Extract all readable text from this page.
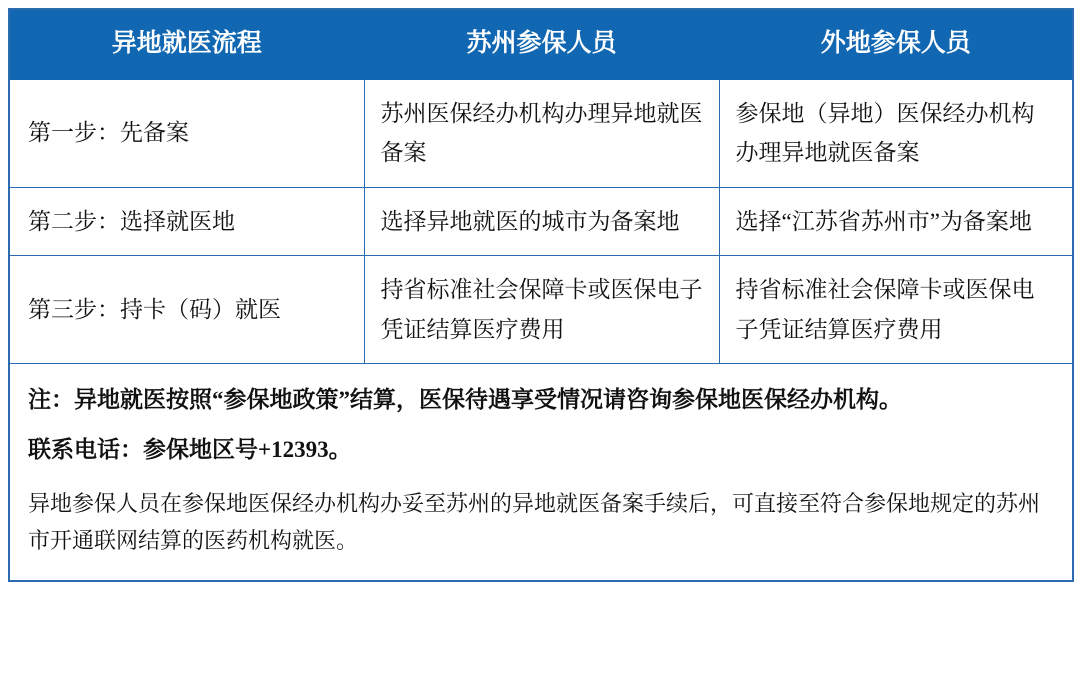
异地就医流程	苏州参保人员	外地参保人员
第一步：先备案	苏州医保经办机构办理异地就医备案	参保地（异地）医保经办机构办理异地就医备案
第二步：选择就医地	选择异地就医的城市为备案地	选择“江苏省苏州市”为备案地
第三步：持卡（码）就医	持省标准社会保障卡或医保电子凭证结算医疗费用	持省标准社会保障卡或医保电子凭证结算医疗费用

注：异地就医按照“参保地政策”结算，医保待遇享受情况请咨询参保地医保经办机构。
联系电话：参保地区号+12393。
异地参保人员在参保地医保经办机构办妥至苏州的异地就医备案手续后，可直接至符合参保地规定的苏州市开通联网结算的医药机构就医。		
